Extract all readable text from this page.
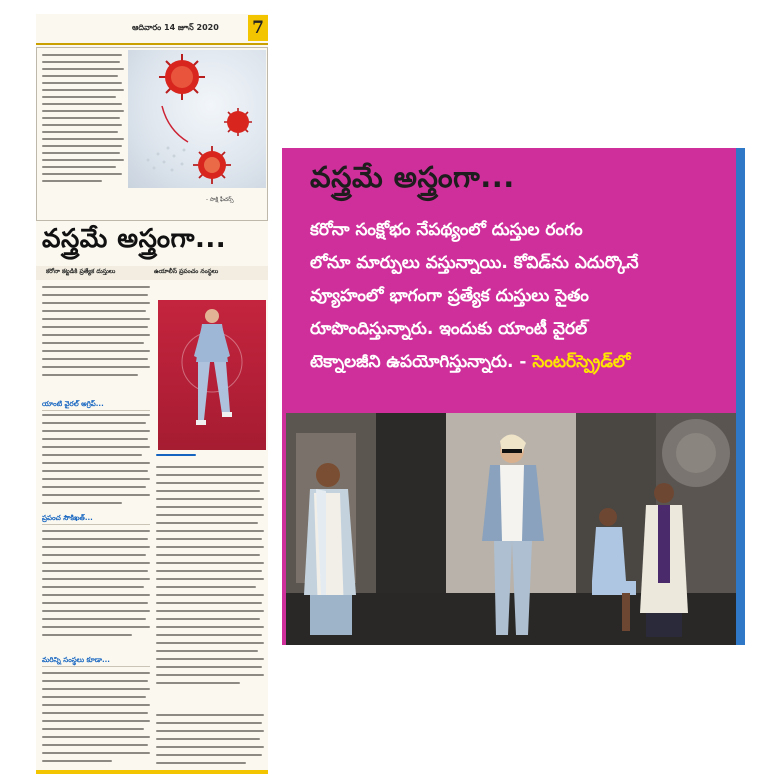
ఆదివారం 14 జూన్ 2020 7
- సాక్షి ఫీచర్స్
వస్త్రమే అస్త్రంగా...
కరోనా కట్టడికి ప్రత్యేక దుస్తులు	ఉయాలీస్ ప్రపంచం నంస్థలు
యాంటి వైరల్ అగ్రిప్...
ప్రపంచ సౌకిఖత్...
మరిన్ని సంస్థలు కూడా...
వస్త్రమే అస్త్రంగా...
కరోనా సంక్షోభం నేపథ్యంలో దుస్తుల రంగం
లోనూ మార్పులు వస్తున్నాయి. కోవిడ్‌ను ఎదుర్కొనే
వ్యూహంలో భాగంగా ప్రత్యేక దుస్తులు సైతం
రూపొందిస్తున్నారు. ఇందుకు యాంటీ వైరల్
టెక్నాలజీని ఉపయోగిస్తున్నారు. - సెంటర్‌స్ప్రెడ్‌లో
